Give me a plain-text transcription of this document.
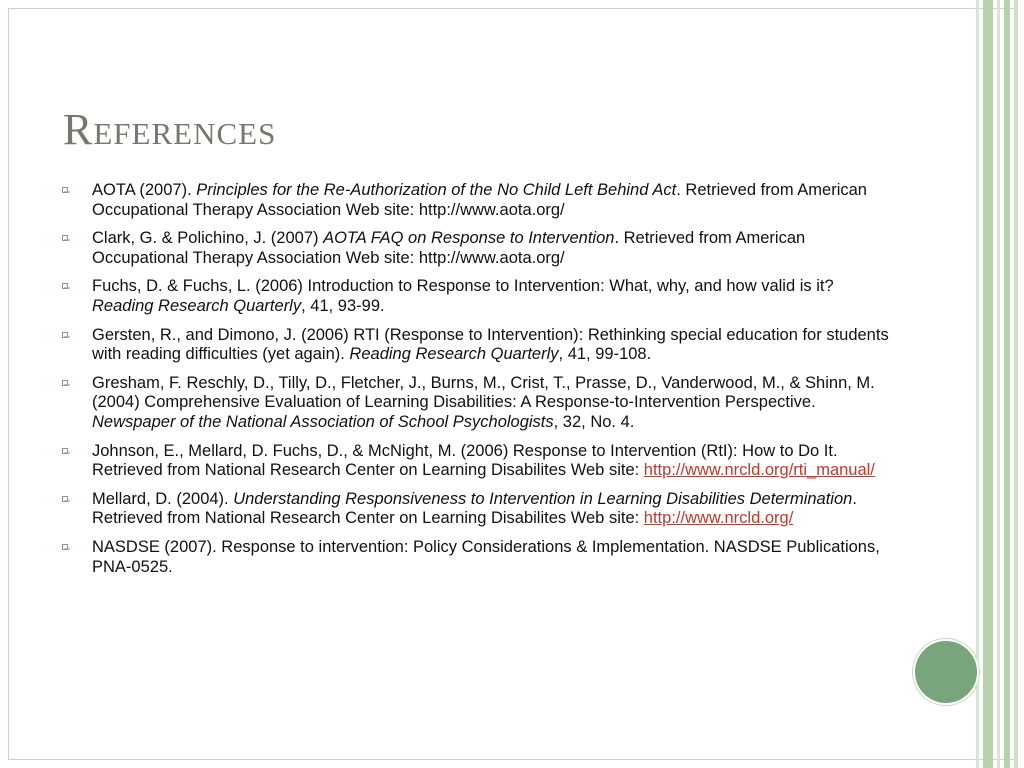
References
AOTA (2007). Principles for the Re-Authorization of the No Child Left Behind Act. Retrieved from American Occupational Therapy Association Web site: http://www.aota.org/
Clark, G. & Polichino, J. (2007) AOTA FAQ on Response to Intervention. Retrieved from American Occupational Therapy Association Web site: http://www.aota.org/
Fuchs, D. & Fuchs, L. (2006) Introduction to Response to Intervention: What, why, and how valid is it? Reading Research Quarterly, 41, 93-99.
Gersten, R., and Dimono, J. (2006) RTI (Response to Intervention): Rethinking special education for students with reading difficulties (yet again). Reading Research Quarterly, 41, 99-108.
Gresham, F. Reschly, D., Tilly, D., Fletcher, J., Burns, M., Crist, T., Prasse, D., Vanderwood, M., & Shinn, M. (2004) Comprehensive Evaluation of Learning Disabilities: A Response-to-Intervention Perspective. Newspaper of the National Association of School Psychologists, 32, No. 4.
Johnson, E., Mellard, D. Fuchs, D., & McNight, M. (2006) Response to Intervention (RtI): How to Do It. Retrieved from National Research Center on Learning Disabilites Web site: http://www.nrcld.org/rti_manual/
Mellard, D. (2004). Understanding Responsiveness to Intervention in Learning Disabilities Determination. Retrieved from National Research Center on Learning Disabilites Web site: http://www.nrcld.org/
NASDSE (2007). Response to intervention: Policy Considerations & Implementation. NASDSE Publications, PNA-0525.
